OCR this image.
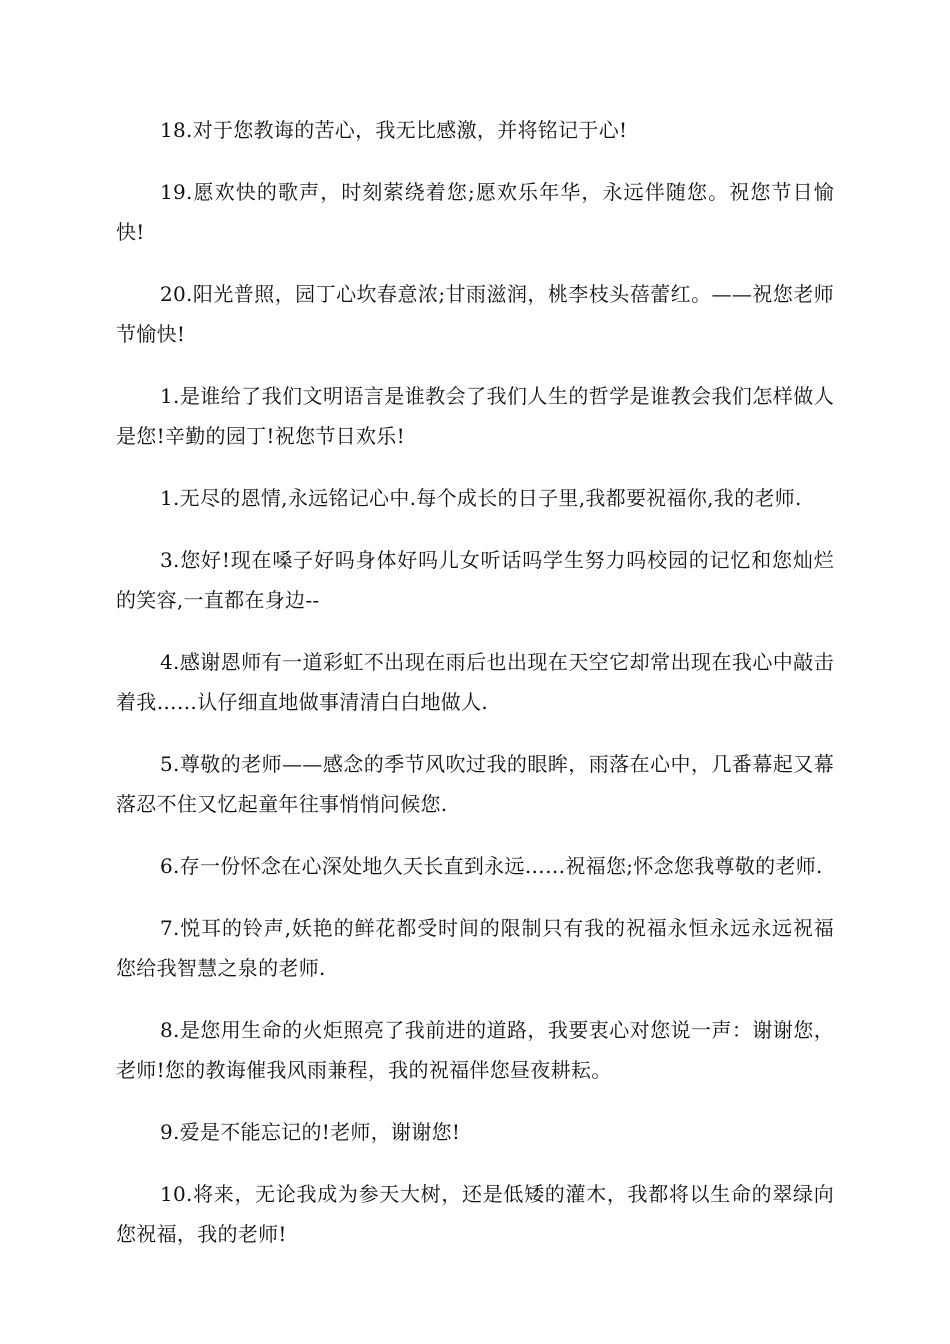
18.对于您教诲的苦心，我无比感激，并将铭记于心!

19.愿欢快的歌声，时刻萦绕着您;愿欢乐年华，永远伴随您。祝您节日愉快!

20.阳光普照，园丁心坎春意浓;甘雨滋润，桃李枝头蓓蕾红。——祝您老师节愉快!

1.是谁给了我们文明语言是谁教会了我们人生的哲学是谁教会我们怎样做人是您!辛勤的园丁!祝您节日欢乐!

1.无尽的恩情,永远铭记心中.每个成长的日子里,我都要祝福你,我的老师.

3.您好!现在嗓子好吗身体好吗儿女听话吗学生努力吗校园的记忆和您灿烂的笑容,一直都在身边--

4.感谢恩师有一道彩虹不出现在雨后也出现在天空它却常出现在我心中敲击着我……认仔细直地做事清清白白地做人.

5.尊敬的老师——感念的季节风吹过我的眼眸，雨落在心中，几番幕起又幕落忍不住又忆起童年往事悄悄问候您.

6.存一份怀念在心深处地久天长直到永远……祝福您;怀念您我尊敬的老师.

7.悦耳的铃声,妖艳的鲜花都受时间的限制只有我的祝福永恒永远永远祝福您给我智慧之泉的老师.

8.是您用生命的火炬照亮了我前进的道路，我要衷心对您说一声：谢谢您，老师!您的教诲催我风雨兼程，我的祝福伴您昼夜耕耘。

9.爱是不能忘记的!老师，谢谢您!

10.将来，无论我成为参天大树，还是低矮的灌木，我都将以生命的翠绿向您祝福，我的老师!
